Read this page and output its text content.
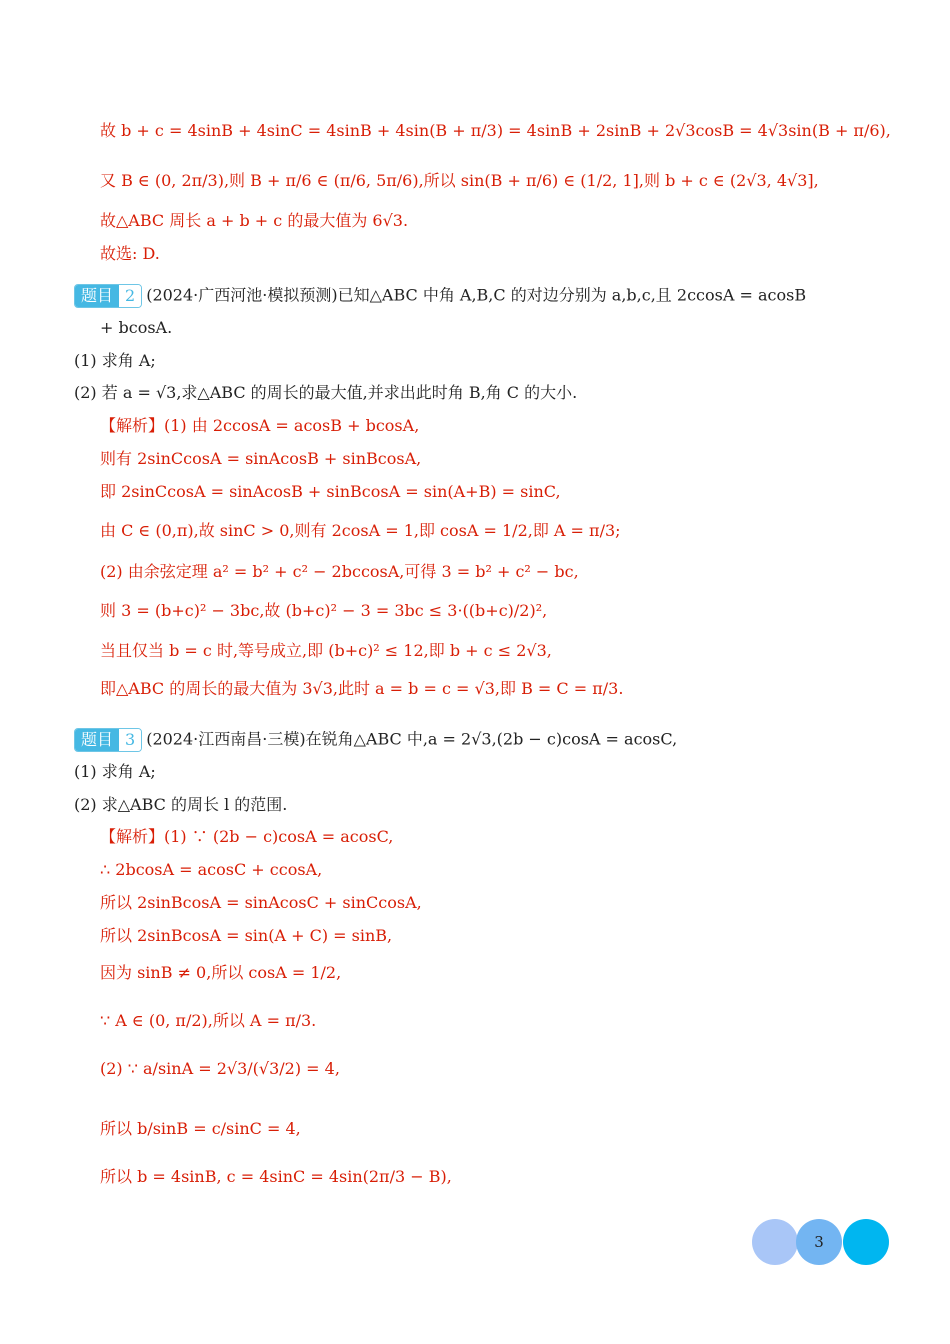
故 b + c = 4sinB + 4sinC = 4sinB + 4sin(B + π/3) = 4sinB + 2sinB + 2√3cosB = 4√3sin(B + π/6),
又 B ∈ (0, 2π/3),则 B + π/6 ∈ (π/6, 5π/6),所以 sin(B + π/6) ∈ (1/2, 1],则 b + c ∈ (2√3, 4√3],
故△ABC 周长 a + b + c 的最大值为 6√3.
故选: D.
题目 2 (2024·广西河池·模拟预测)已知△ABC 中角 A,B,C 的对边分别为 a,b,c,且 2ccosA = acosB
+ bcosA.
(1) 求角 A;
(2) 若 a = √3,求△ABC 的周长的最大值,并求出此时角 B,角 C 的大小.
【解析】(1) 由 2ccosA = acosB + bcosA,
则有 2sinCcosA = sinAcosB + sinBcosA,
即 2sinCcosA = sinAcosB + sinBcosA = sin(A+B) = sinC,
由 C ∈ (0,π),故 sinC > 0,则有 2cosA = 1,即 cosA = 1/2,即 A = π/3;
(2) 由余弦定理 a² = b² + c² − 2bccosA,可得 3 = b² + c² − bc,
则 3 = (b+c)² − 3bc,故 (b+c)² − 3 = 3bc ≤ 3·((b+c)/2)²,
当且仅当 b = c 时,等号成立,即 (b+c)² ≤ 12,即 b + c ≤ 2√3,
即△ABC 的周长的最大值为 3√3,此时 a = b = c = √3,即 B = C = π/3.
题目 3 (2024·江西南昌·三模)在锐角△ABC 中,a = 2√3,(2b − c)cosA = acosC,
(1) 求角 A;
(2) 求△ABC 的周长 l 的范围.
【解析】(1) ∵ (2b − c)cosA = acosC,
∴ 2bcosA = acosC + ccosA,
所以 2sinBcosA = sinAcosC + sinCcosA,
所以 2sinBcosA = sin(A + C) = sinB,
因为 sinB ≠ 0,所以 cosA = 1/2,
∵ A ∈ (0, π/2),所以 A = π/3.
(2) ∵ a/sinA = 2√3/(√3/2) = 4,
所以 b/sinB = c/sinC = 4,
所以 b = 4sinB, c = 4sinC = 4sin(2π/3 − B),
3
